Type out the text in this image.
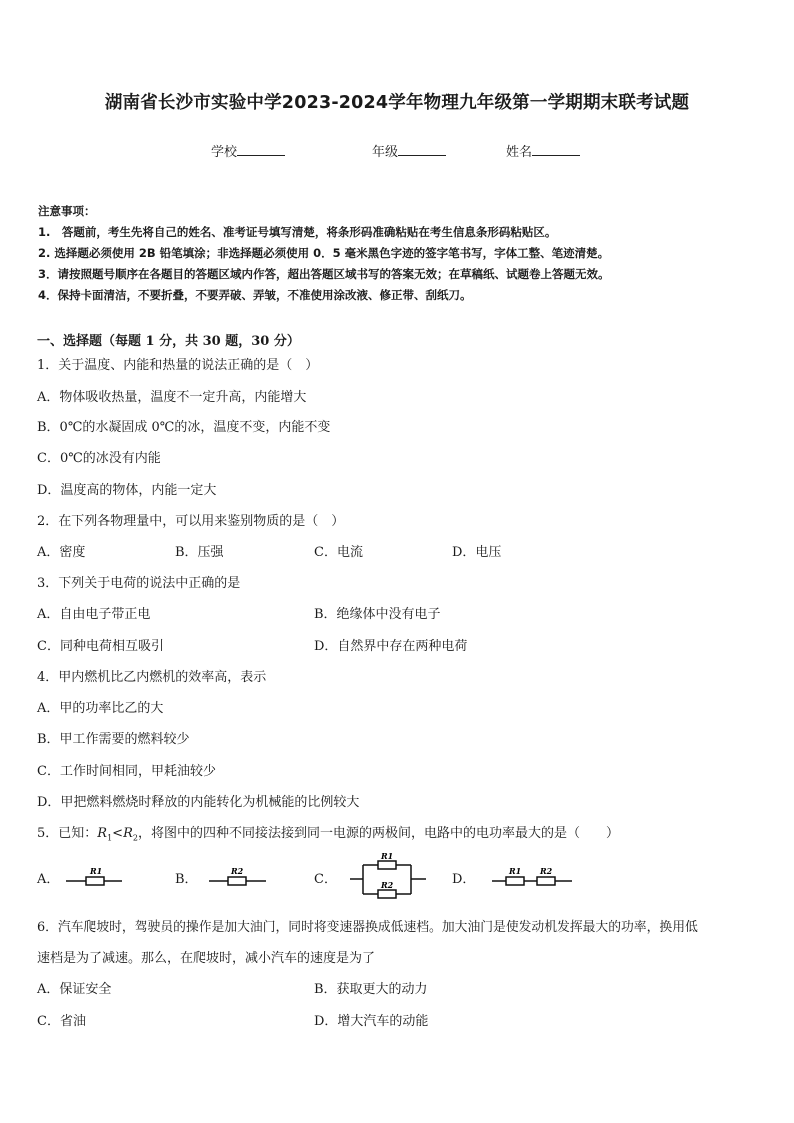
湖南省长沙市实验中学2023-2024学年物理九年级第一学期期末联考试题
学校	年级	姓名
注意事项：
1.　答题前，考生先将自己的姓名、准考证号填写清楚，将条形码准确粘贴在考生信息条形码粘贴区。
2. 选择题必须使用 2B 铅笔填涂；非选择题必须使用 0．5 毫米黑色字迹的签字笔书写，字体工整、笔迹清楚。
3．请按照题号顺序在各题目的答题区域内作答，超出答题区域书写的答案无效；在草稿纸、试题卷上答题无效。
4．保持卡面清洁，不要折叠，不要弄破、弄皱，不准使用涂改液、修正带、刮纸刀。
一、选择题（每题 1 分，共 30 题，30 分）
1．关于温度、内能和热量的说法正确的是（　）
A．物体吸收热量，温度不一定升高，内能增大
B．0℃的水凝固成 0℃的冰，温度不变，内能不变
C．0℃的冰没有内能
D．温度高的物体，内能一定大
2．在下列各物理量中，可以用来鉴别物质的是（　）
A．密度	B．压强	C．电流	D．电压
3．下列关于电荷的说法中正确的是
A．自由电子带正电	B．绝缘体中没有电子
C．同种电荷相互吸引	D．自然界中存在两种电荷
4．甲内燃机比乙内燃机的效率高，表示
A．甲的功率比乙的大
B．甲工作需要的燃料较少
C．工作时间相同，甲耗油较少
D．甲把燃料燃烧时释放的内能转化为机械能的比例较大
5．已知：$R_1<R_2$，将图中的四种不同接法接到同一电源的两极间，电路中的电功率最大的是（　　）
A．
R1
B．
R2
C．
R1
R2	D．
R1 R2
6．汽车爬坡时，驾驶员的操作是加大油门，同时将变速器换成低速档。加大油门是使发动机发挥最大的功率，换用低
速档是为了减速。那么，在爬坡时，减小汽车的速度是为了
A．保证安全	B．获取更大的动力
C．省油	D．增大汽车的动能
